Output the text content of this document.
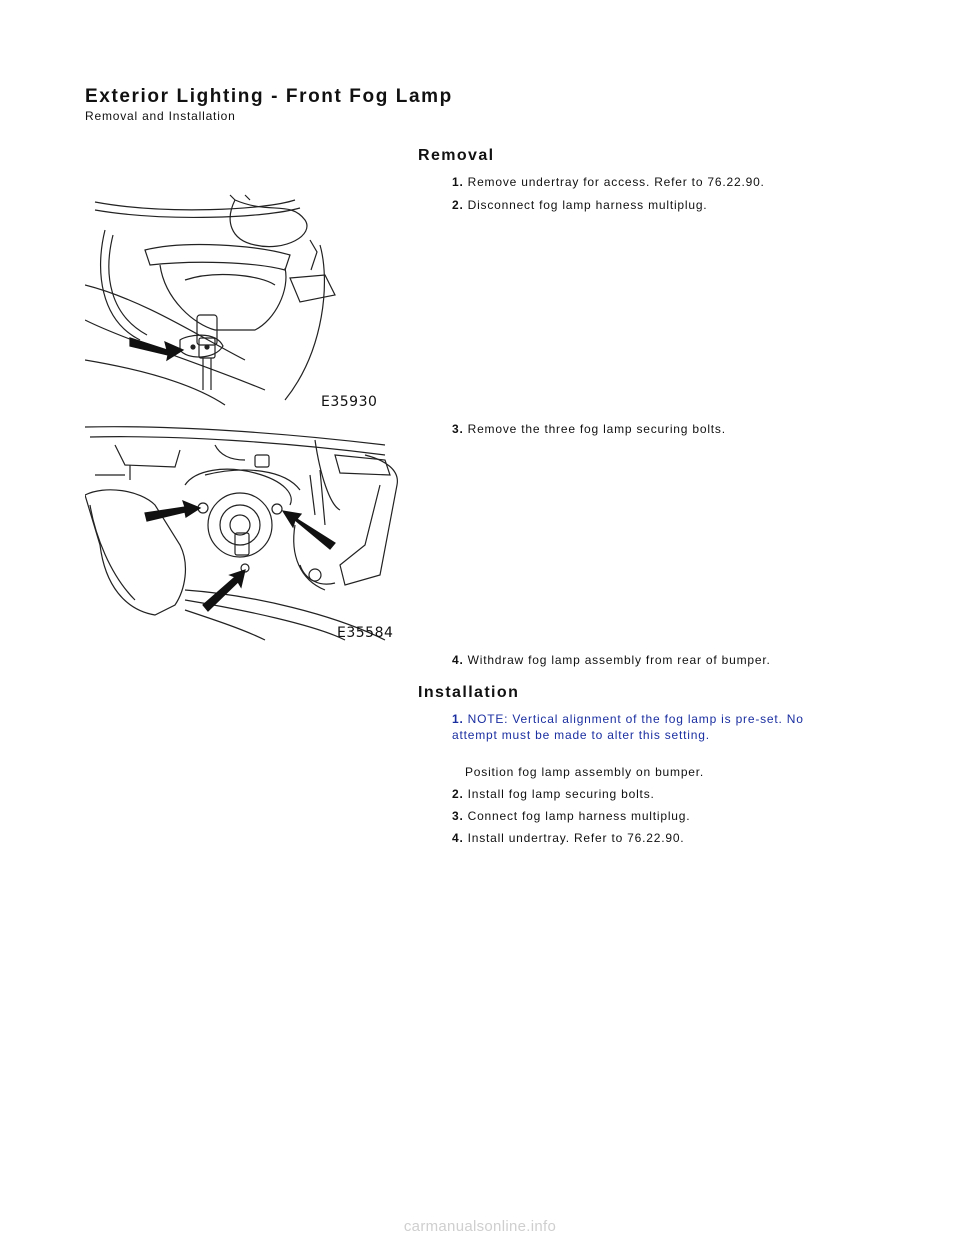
Exterior Lighting - Front Fog Lamp
Removal and Installation
Removal
1. Remove undertray for access. Refer to 76.22.90.
2. Disconnect fog lamp harness multiplug.
3. Remove the three fog lamp securing bolts.
4. Withdraw fog lamp assembly from rear of bumper.
Installation
1. NOTE: Vertical alignment of the fog lamp is pre-set. No attempt must be made to alter this setting.
Position fog lamp assembly on bumper.
2. Install fog lamp securing bolts.
3. Connect fog lamp harness multiplug.
4. Install undertray. Refer to 76.22.90.
E35930
E35584
carmanualsonline.info
